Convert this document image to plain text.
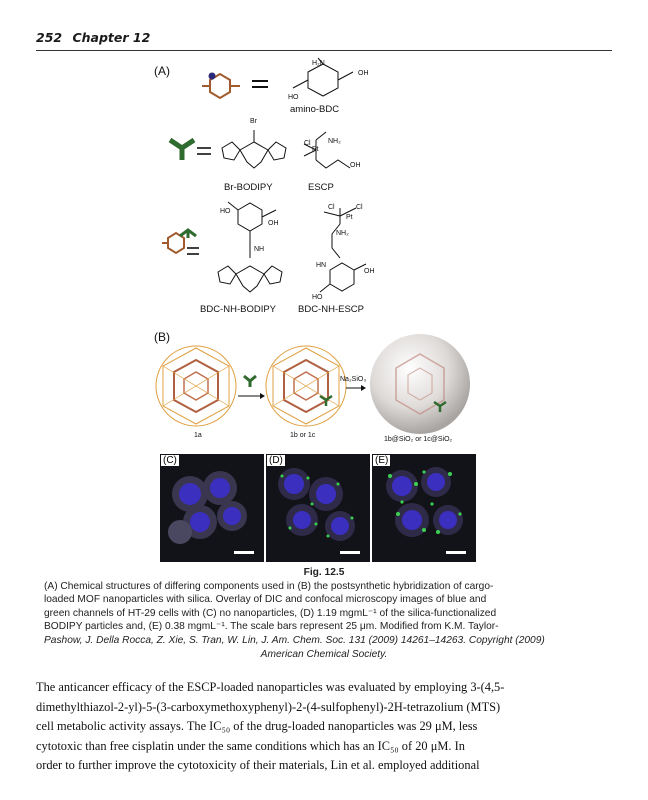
252 Chapter 12
(A)
H₂N
OH
HO
amino-BDC
Br
Br-BODIPY
Cl
Pt
NH₂
OH
ESCP
HO
OH
NH
BDC-NH-BODIPY
Cl	Cl
Pt
NH₂
HN
OH
HO
BDC-NH-ESCP
(B)
1a	1b or 1c
Na₂SiO₃
1b@SiO₂ or 1c@SiO₂
(C)	(D)	(E)
Fig. 12.5
(A) Chemical structures of differing components used in (B) the postsynthetic hybridization of cargo-
loaded MOF nanoparticles with silica. Overlay of DIC and confocal microscopy images of blue and
green channels of HT-29 cells with (C) no nanoparticles, (D) 1.19 mgmL⁻¹ of the silica-functionalized
BODIPY particles and, (E) 0.38 mgmL⁻¹. The scale bars represent 25 μm. Modified from K.M. Taylor-
Pashow, J. Della Rocca, Z. Xie, S. Tran, W. Lin, J. Am. Chem. Soc. 131 (2009) 14261–14263. Copyright (2009)
American Chemical Society.
The anticancer efficacy of the ESCP-loaded nanoparticles was evaluated by employing 3-(4,5-
dimethylthiazol-2-yl)-5-(3-carboxymethoxyphenyl)-2-(4-sulfophenyl)-2H-tetrazolium (MTS)
cell metabolic activity assays. The IC₅₀ of the drug-loaded nanoparticles was 29 μM, less
cytotoxic than free cisplatin under the same conditions which has an IC₅₀ of 20 μM. In
order to further improve the cytotoxicity of their materials, Lin et al. employed additional
